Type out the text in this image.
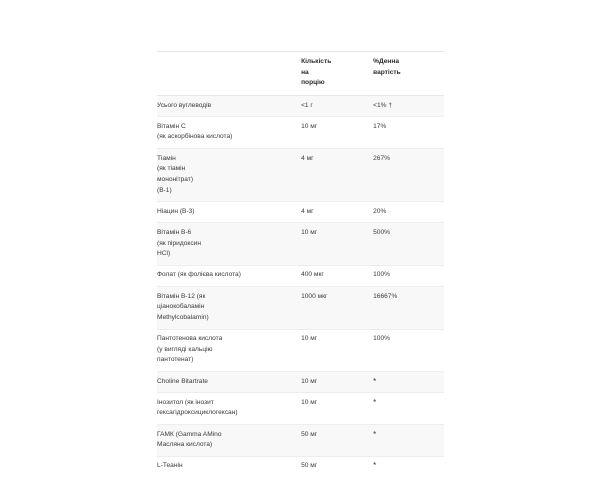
	Кількість
на
порцію	%Денна
вартість

Усього вуглеводів	<1 г	<1% †

Вітамін C
(як аскорбінова кислота)	10 мг	17%

Тіамін
(як тіамін
мононітрат)
(B-1)	4 мг	267%

Ніацин (B-3)	4 мг	20%

Вітамін B-6
(як піридоксин
HCl)	10 мг	500%

Фолат (як фолієва кислота)	400 мкг	100%

Вітамін B-12 (як
ціанокобаламін
Methylcobalamin)	1000 мкг	16667%

Пантотенова кислота
(у вигляді кальцію
пантотенат)	10 мг	100%

Choline Bitartrate	10 мг	*

Інозитол (як інозит
гексагідроксициклогексан)	10 мг	*

ГАМК (Gamma AMino
Масляна кислота)	50 мг	*

L-Теанін	50 мг	*
